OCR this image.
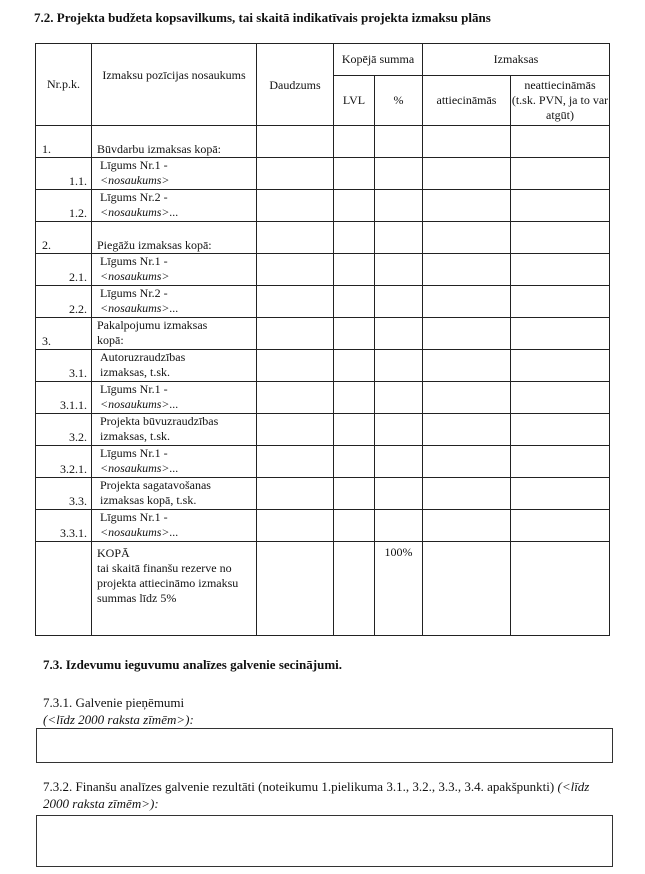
7.2. Projekta budžeta kopsavilkums, tai skaitā indikatīvais projekta izmaksu plāns
Nr.p.k.	Izmaksu pozīcijas nosaukums	Daudzums	Kopējā summa		Izmaksas	
			LVL	%	attiecināmās	neattiecināmās (t.sk. PVN, ja to var atgūt)
1.	Būvdarbu izmaksas kopā:					

1.1.	Līgums Nr.1 -
<nosaukums>					

1.2.	Līgums Nr.2 -
<nosaukums>...					

2.	Piegāžu izmaksas kopā:					

2.1.	Līgums Nr.1 -
<nosaukums>					

2.2.	Līgums Nr.2 -
<nosaukums>...					

3.	Pakalpojumu izmaksas
kopā:					

3.1.	Autoruzraudzības
izmaksas, t.sk.					

3.1.1.	Līgums Nr.1 -
<nosaukums>...					

3.2.	Projekta būvuzraudzības
izmaksas, t.sk.					

3.2.1.	Līgums Nr.1 -
<nosaukums>...					

3.3.	Projekta sagatavošanas
izmaksas kopā, t.sk.					

3.3.1.	Līgums Nr.1 -
<nosaukums>...					

	KOPĀ
tai skaitā finanšu rezerve no projekta attiecināmo izmaksu summas līdz 5%			100%		
7.3. Izdevumu ieguvumu analīzes galvenie secinājumi.
7.3.1. Galvenie pieņēmumi
(<līdz 2000 raksta zīmēm>):
7.3.2. Finanšu analīzes galvenie rezultāti (noteikumu 1.pielikuma 3.1., 3.2., 3.3., 3.4. apakšpunkti) (<līdz 2000 raksta zīmēm>):
